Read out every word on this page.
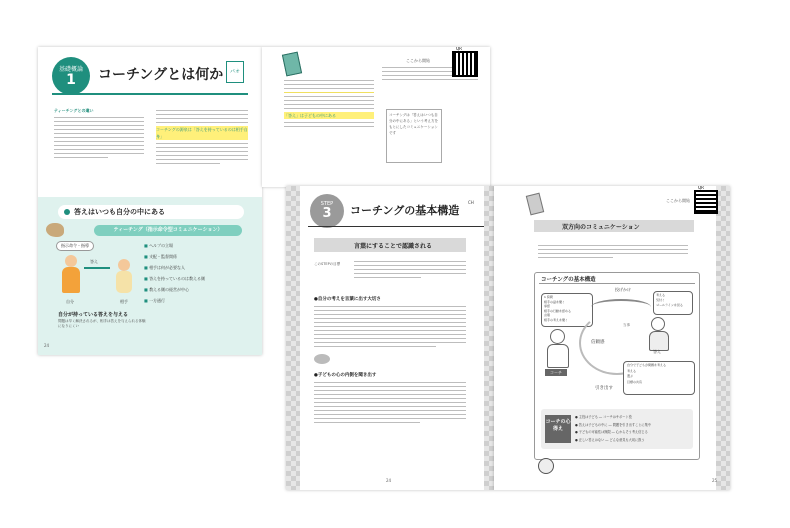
基礎概論
1	コーチングとは何か	パオ
ティーチングとの違い
コーチングの源泉は「答えを持っているのは相手自身」
答えはいつも自分の中にある
ティーチング（指示命令型コミュニケーション）
指示命令・指導
答え
自分	相手
■ ヘルプの立場
■ 支配・監督関係
■ 相手は何が必要な人
■ 答えを持っているのは教える側
■ 教える側の経営が中心
■ 一方通行
自分が持っている答えを与える
問題は早く解決されるが、相手は答えを与えられる体験になりにくい
24
「答え」は子どもの中にある
ここから開始
QR
コーチングは「答えはいつも自分の中にある」という考え方をもとにしたコミュニケーションです
STEP
3	コーチングの基本構造
CH
言葉にすることで認識される
このSTEPの目標
●自分の考えを言葉に出す大切さ
●子どもの心の内側を聞き出す
24
ここから開始
QR
双方向のコミュニケーション
コーチングの基本構造
1 質問
相手の話を聞く
承認
相手の行動を認める
言葉
相手の考えを聞く
投げかけ
考える
気付く
ゴールラインを見る
答え
当事
コーチ
信頼感
自分で子どもが問題を考える
考える
選ぶ
目標の共有
引き出す
コーチの心得え
● 主役は子ども ― コーチはサポート役
● 答えは子どもの中に ― 問題を引き出すことに集中
● 子どもの可能性は無限 ― 心からそう考え信じる
● 正しい答えはない ― どんな意見も大切に扱う
25
